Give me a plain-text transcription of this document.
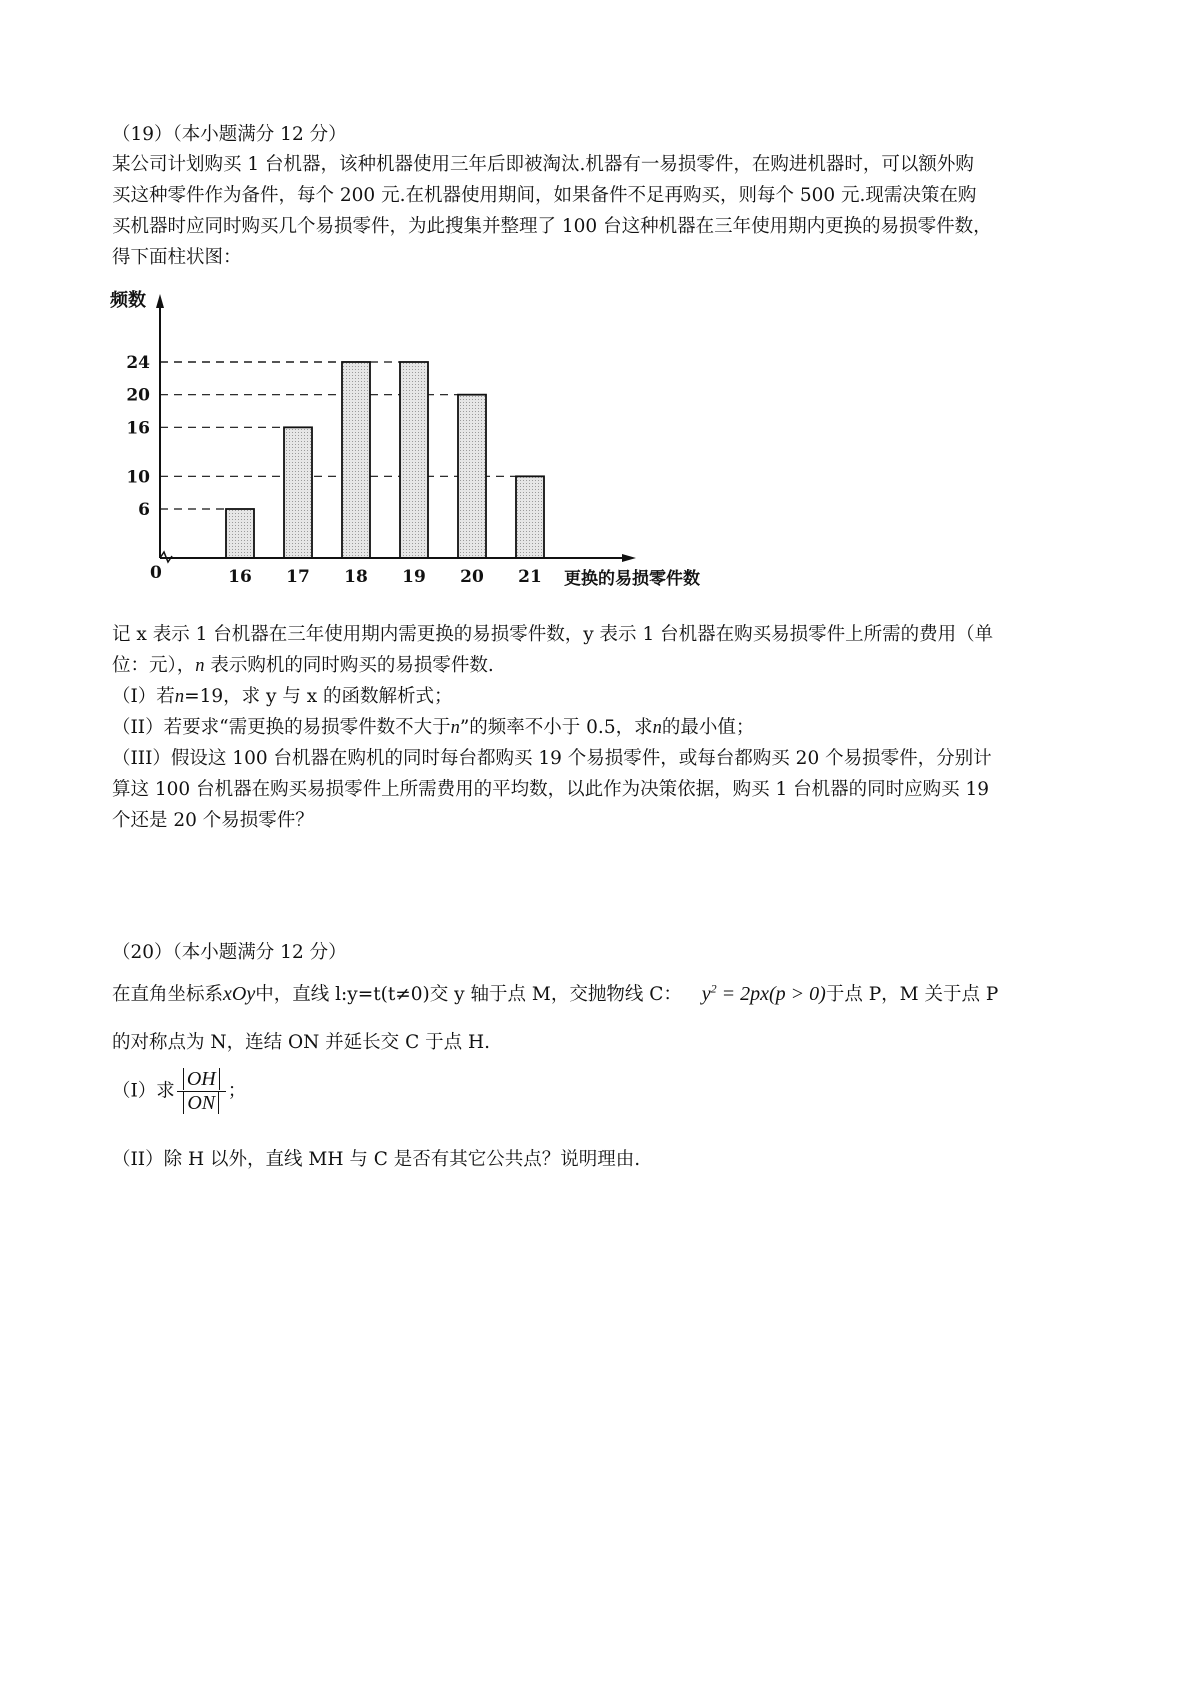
（19）（本小题满分 12 分）
某公司计划购买 1 台机器，该种机器使用三年后即被淘汰.机器有一易损零件，在购进机器时，可以额外购
买这种零件作为备件，每个 200 元.在机器使用期间，如果备件不足再购买，则每个 500 元.现需决策在购
买机器时应同时购买几个易损零件，为此搜集并整理了 100 台这种机器在三年使用期内更换的易损零件数，
得下面柱状图：
频数
更换的易损零件数
0
6
10
16
20
24
16 17 18 19 20 21
记 x 表示 1 台机器在三年使用期内需更换的易损零件数，y 表示 1 台机器在购买易损零件上所需的费用（单
位：元），n 表示购机的同时购买的易损零件数.
（I）若n=19，求 y 与 x 的函数解析式；
（II）若要求“需更换的易损零件数不大于n”的频率不小于 0.5，求n的最小值；
（III）假设这 100 台机器在购机的同时每台都购买 19 个易损零件，或每台都购买 20 个易损零件，分别计
算这 100 台机器在购买易损零件上所需费用的平均数，以此作为决策依据，购买 1 台机器的同时应购买 19
个还是 20 个易损零件？
（20）（本小题满分 12 分）
在直角坐标系xOy中，直线 l:y=t(t≠0)交 y 轴于点 M，交抛物线 C： $y^2 = 2px(p > 0)$于点 P，M 关于点 P
的对称点为 N，连结 ON 并延长交 C 于点 H.
（I）求 $\frac{OH}{ON}$ ；
（II）除 H 以外，直线 MH 与 C 是否有其它公共点？说明理由.
